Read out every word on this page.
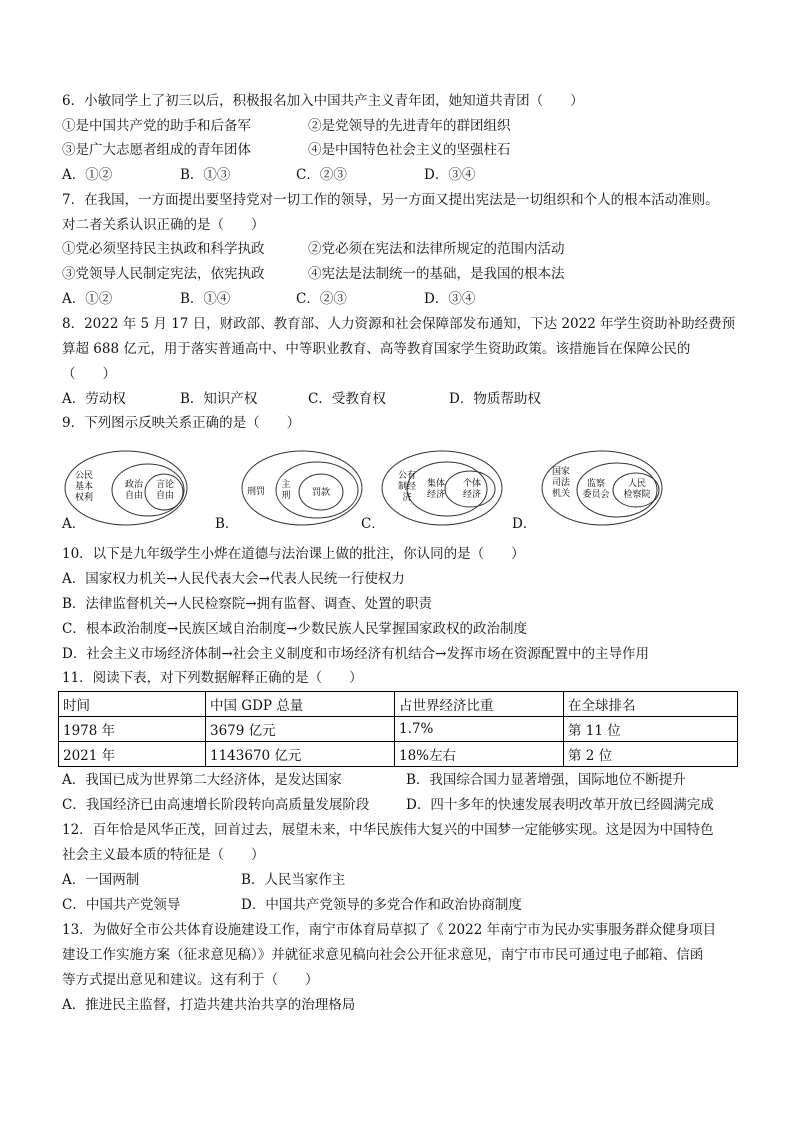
6．小敏同学上了初三以后，积极报名加入中国共产主义青年团，她知道共青团（　　）
①是中国共产党的助手和后备军	②是党领导的先进青年的群团组织
③是广大志愿者组成的青年团体	④是中国特色社会主义的坚强柱石
A．①②	B．①③	C．②③	D．③④
7．在我国，一方面提出要坚持党对一切工作的领导，另一方面又提出宪法是一切组织和个人的根本活动准则。
对二者关系认识正确的是（　　）
①党必须坚持民主执政和科学执政	②党必须在宪法和法律所规定的范围内活动
③党领导人民制定宪法，依宪执政	④宪法是法制统一的基础，是我国的根本法
A．①②	B．①④	C．②③	D．③④
8．2022 年 5 月 17 日，财政部、教育部、人力资源和社会保障部发布通知，下达 2022 年学生资助补助经费预
算超 688 亿元，用于落实普通高中、中等职业教育、高等教育国家学生资助政策。该措施旨在保障公民的
（　　）
A．劳动权	B．知识产权	C．受教育权	D．物质帮助权
9．下列图示反映关系正确的是（　　）
公民基本权利
政治自由
言论自由	刑罚
主刑 罚款
公有制经济
集体经济
个体经济
国家司法机关
监察委员会
人民检察院
A．	B．	C．	D．
10．以下是九年级学生小烨在道德与法治课上做的批注，你认同的是（　　）
A．国家权力机关→人民代表大会→代表人民统一行使权力
B．法律监督机关→人民检察院→拥有监督、调查、处置的职责
C．根本政治制度→民族区域自治制度→少数民族人民掌握国家政权的政治制度
D．社会主义市场经济体制→社会主义制度和市场经济有机结合→发挥市场在资源配置中的主导作用
11．阅读下表，对下列数据解释正确的是（　　）
时间	中国 GDP 总量	占世界经济比重	在全球排名
1978 年	3679 亿元	1.7%	第 11 位
2021 年	1143670 亿元	18%左右	第 2 位
A．我国已成为世界第二大经济体，是发达国家	B．我国综合国力显著增强，国际地位不断提升
C．我国经济已由高速增长阶段转向高质量发展阶段	D．四十多年的快速发展表明改革开放已经圆满完成
12．百年恰是风华正茂，回首过去，展望未来，中华民族伟大复兴的中国梦一定能够实现。这是因为中国特色
社会主义最本质的特征是（　　）
A．一国两制	B．人民当家作主
C．中国共产党领导	D．中国共产党领导的多党合作和政治协商制度
13．为做好全市公共体育设施建设工作，南宁市体育局草拟了《 2022 年南宁市为民办实事服务群众健身项目
建设工作实施方案（征求意见稿）》并就征求意见稿向社会公开征求意见，南宁市市民可通过电子邮箱、信函
等方式提出意见和建议。这有利于（　　）
A．推进民主监督，打造共建共治共享的治理格局
